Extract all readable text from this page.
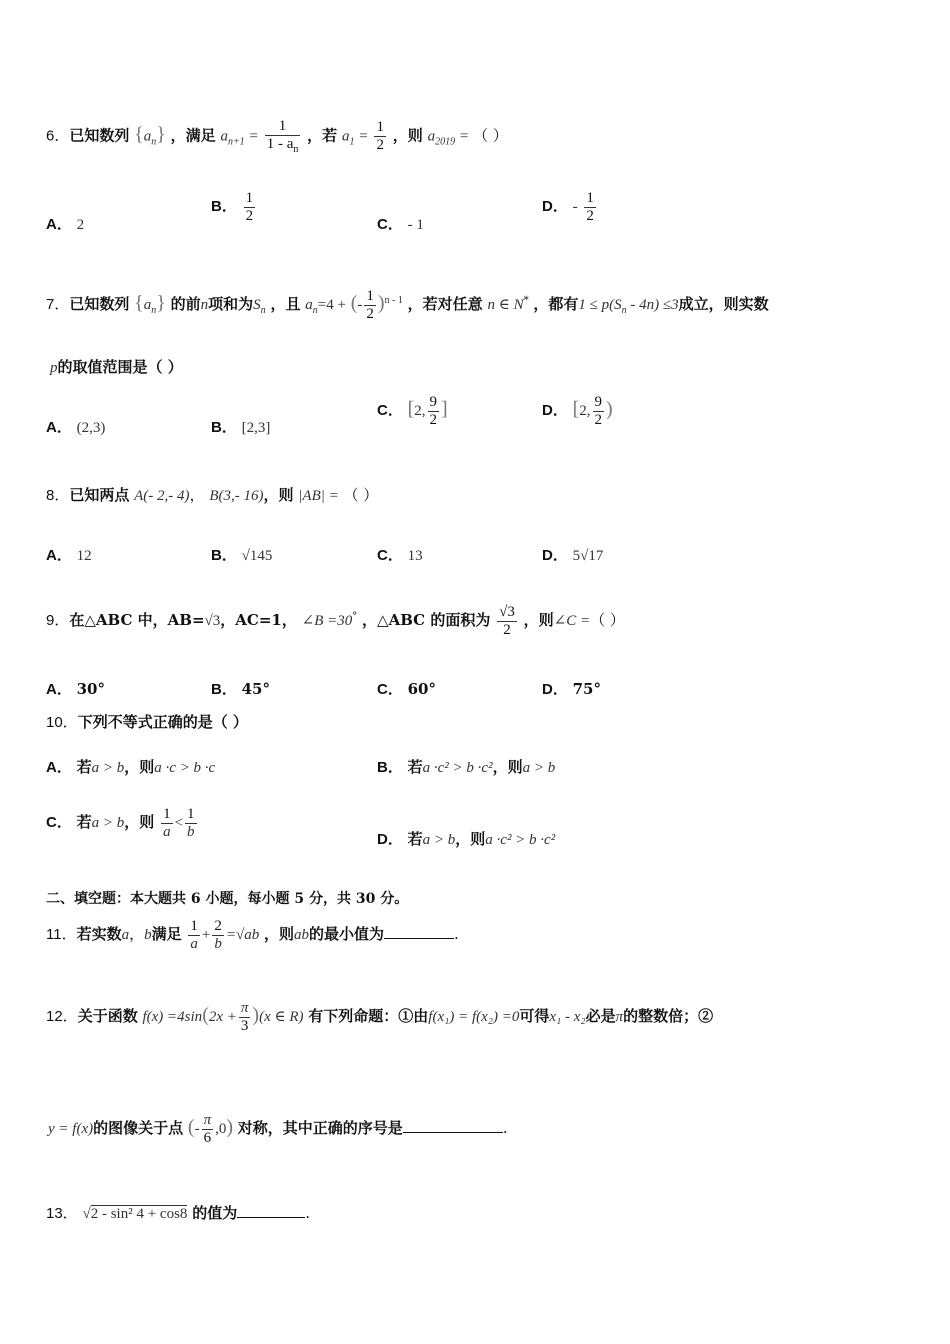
6．已知数列 $\{a_n\}$ ，满足 $a_{n+1} = \frac{1}{1 - a_n}$ ，若 $a_1 = \frac{1}{2}$ ，则 $a_{2019}$ = （ ）
A． 2
B． $\frac{1}{2}$
C． - 1
D． - $\frac{1}{2}$
7．已知数列 $\{a_n\}$ 的前n项和为$S_n$ ，且 $a_n=4$ + (- $\frac{1}{2} )^{n - 1}$ ，若对任意 n ∈ N* ，都有$1 \le p(S_n - 4n) \le 3$成立，则实数
p的取值范围是（ ）
A． (2,3)	B． [2,3]
C． [2, $\frac{9}{2}$ ]	D． [2, $\frac{9}{2}$ )
8．已知两点 A(- 2,- 4)， B(3,- 16)，则 |AB| = （ ）
A． 12	B． √145	C． 13	D． 5√17
9．在△ABC 中，AB=√3，AC=1， ∠B =30° ，△ABC 的面积为 $\frac{√3}{2}$ ，则∠C =（ ）
A． 30°	B． 45°	C． 60°	D． 75°
10．下列不等式正确的是（ ）
A． 若a > b，则a ·c > b ·c	B． 若a ·c² > b ·c²，则a > b
C． 若a > b，则 $\frac{1}{a} < \frac{1}{b}$	D． 若a > b，则a ·c² > b ·c²
二、填空题：本大题共 6 小题，每小题 5 分，共 30 分。
11．若实数a，b满足 $\frac{1}{a} + \frac{2}{b} =√ab$ ，则ab的最小值为	.
12．关于函数 $f(x) =4\sin(2x + \frac{\pi}{3} )(x$ ∈ R) 有下列命题：①由f(x₁) = f(x₂) =0可得x₁ - x₂必是π的整数倍；②
y = f(x)的图像关于点 (- $\frac{\pi}{6} ,0$) 对称，其中正确的序号是	.
13． √2 - sin² 4 + cos8 的值为	.
